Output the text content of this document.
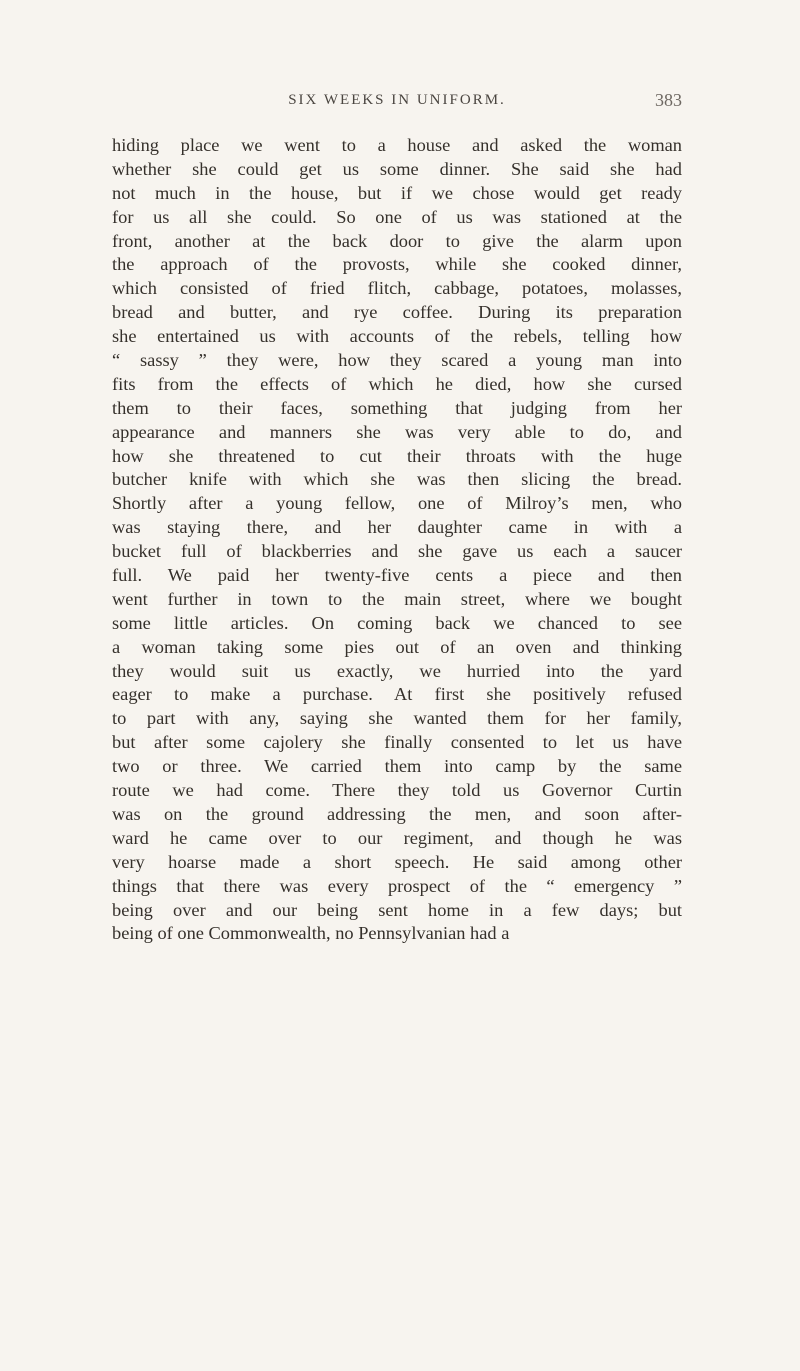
SIX WEEKS IN UNIFORM.	383
hiding place we went to a house and asked the woman
whether she could get us some dinner. She said she had
not much in the house, but if we chose would get ready
for us all she could. So one of us was stationed at the
front, another at the back door to give the alarm upon
the approach of the provosts, while she cooked dinner,
which consisted of fried flitch, cabbage, potatoes, molasses,
bread and butter, and rye coffee. During its preparation
she entertained us with accounts of the rebels, telling how
“ sassy ” they were, how they scared a young man into
fits from the effects of which he died, how she cursed
them to their faces, something that judging from her
appearance and manners she was very able to do, and
how she threatened to cut their throats with the huge
butcher knife with which she was then slicing the bread.
Shortly after a young fellow, one of Milroy’s men, who
was staying there, and her daughter came in with a
bucket full of blackberries and she gave us each a saucer
full. We paid her twenty-five cents a piece and then
went further in town to the main street, where we bought
some little articles. On coming back we chanced to see
a woman taking some pies out of an oven and thinking
they would suit us exactly, we hurried into the yard
eager to make a purchase. At first she positively refused
to part with any, saying she wanted them for her family,
but after some cajolery she finally consented to let us have
two or three. We carried them into camp by the same
route we had come. There they told us Governor Curtin
was on the ground addressing the men, and soon after-
ward he came over to our regiment, and though he was
very hoarse made a short speech. He said among other
things that there was every prospect of the “ emergency ”
being over and our being sent home in a few days; but
being of one Commonwealth, no Pennsylvanian had a
